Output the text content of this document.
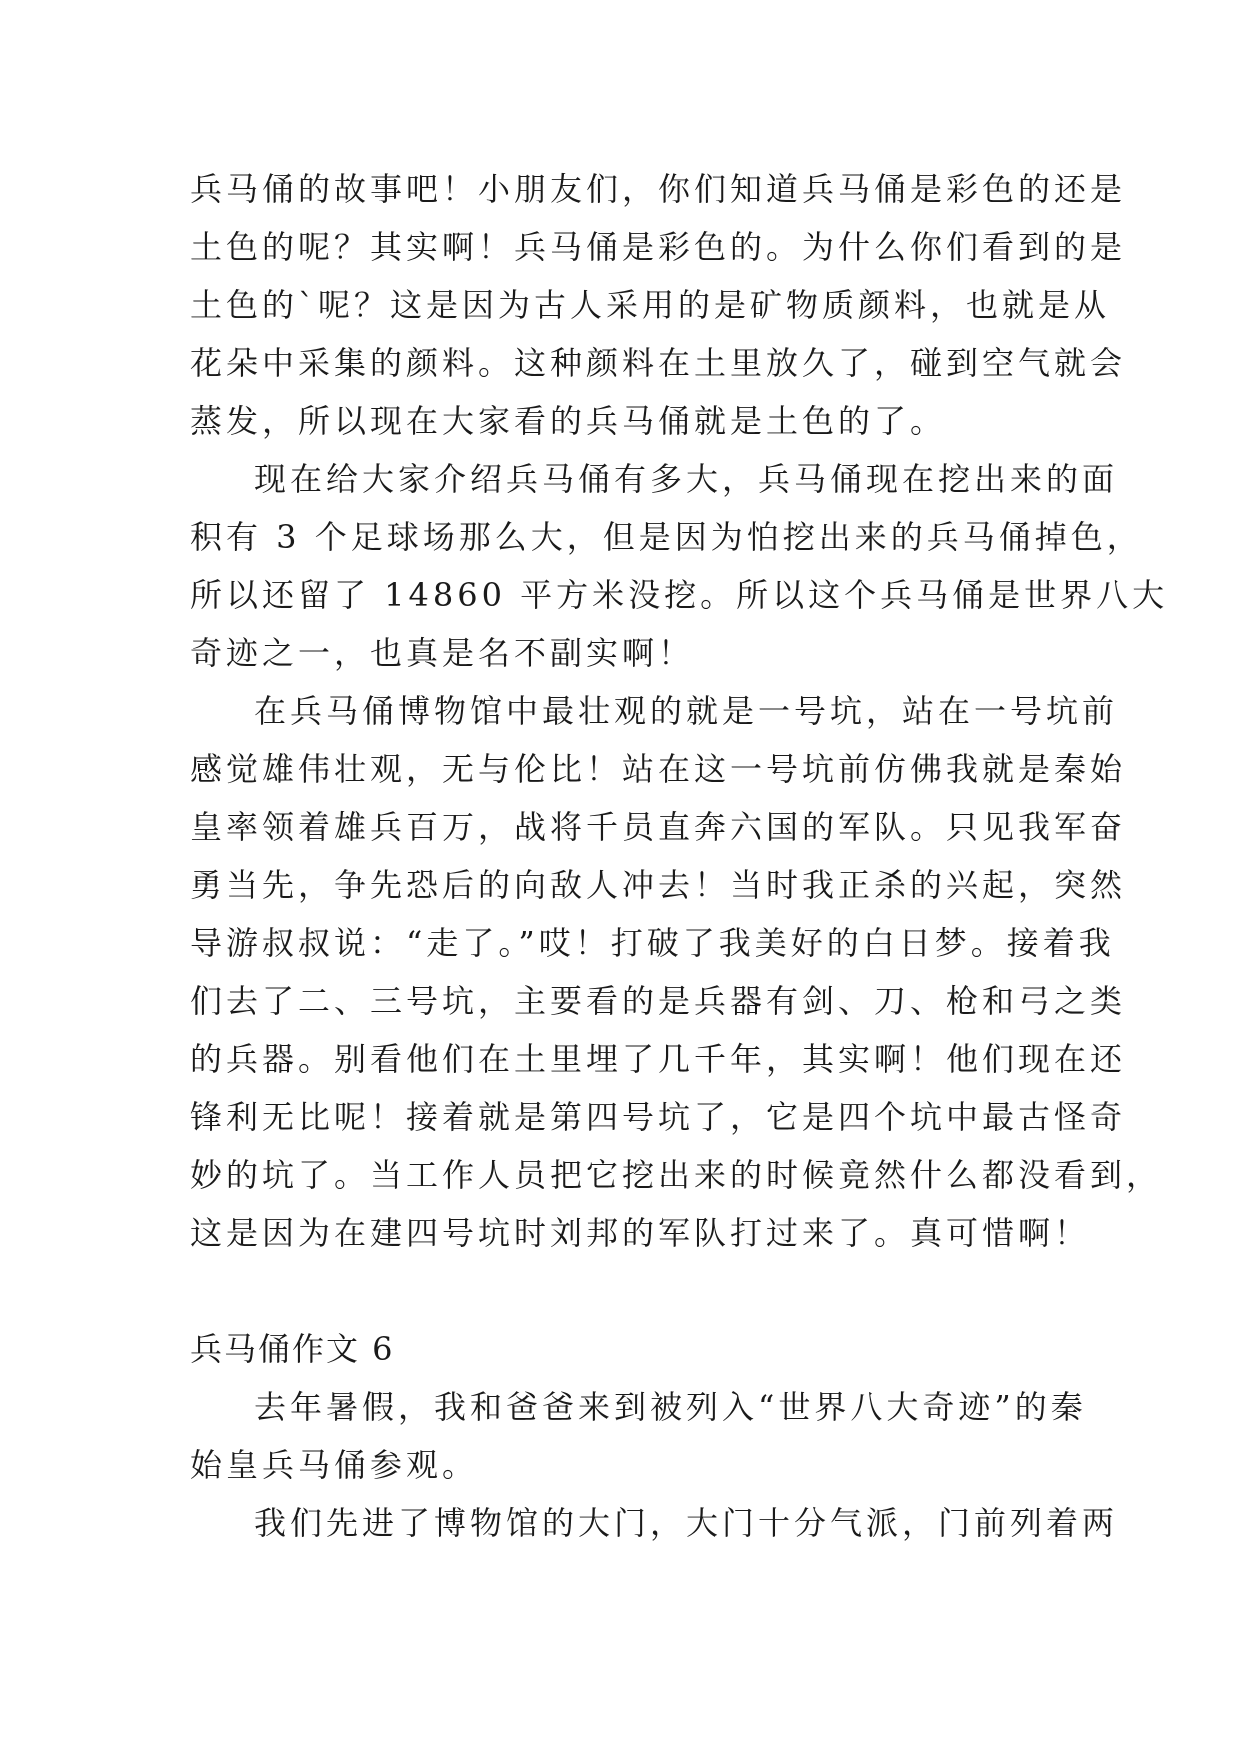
兵马俑的故事吧！小朋友们，你们知道兵马俑是彩色的还是
土色的呢？其实啊！兵马俑是彩色的。为什么你们看到的是
土色的`呢？这是因为古人采用的是矿物质颜料，也就是从
花朵中采集的颜料。这种颜料在土里放久了，碰到空气就会
蒸发，所以现在大家看的兵马俑就是土色的了。
现在给大家介绍兵马俑有多大，兵马俑现在挖出来的面
积有 3 个足球场那么大，但是因为怕挖出来的兵马俑掉色，
所以还留了 14860 平方米没挖。所以这个兵马俑是世界八大
奇迹之一，也真是名不副实啊！
在兵马俑博物馆中最壮观的就是一号坑，站在一号坑前
感觉雄伟壮观，无与伦比！站在这一号坑前仿佛我就是秦始
皇率领着雄兵百万，战将千员直奔六国的军队。只见我军奋
勇当先，争先恐后的向敌人冲去！当时我正杀的兴起，突然
导游叔叔说：“走了。”哎！打破了我美好的白日梦。接着我
们去了二、三号坑，主要看的是兵器有剑、刀、枪和弓之类
的兵器。别看他们在土里埋了几千年，其实啊！他们现在还
锋利无比呢！接着就是第四号坑了，它是四个坑中最古怪奇
妙的坑了。当工作人员把它挖出来的时候竟然什么都没看到，
这是因为在建四号坑时刘邦的军队打过来了。真可惜啊！
兵马俑作文 6
去年暑假，我和爸爸来到被列入“世界八大奇迹”的秦
始皇兵马俑参观。
我们先进了博物馆的大门，大门十分气派，门前列着两
